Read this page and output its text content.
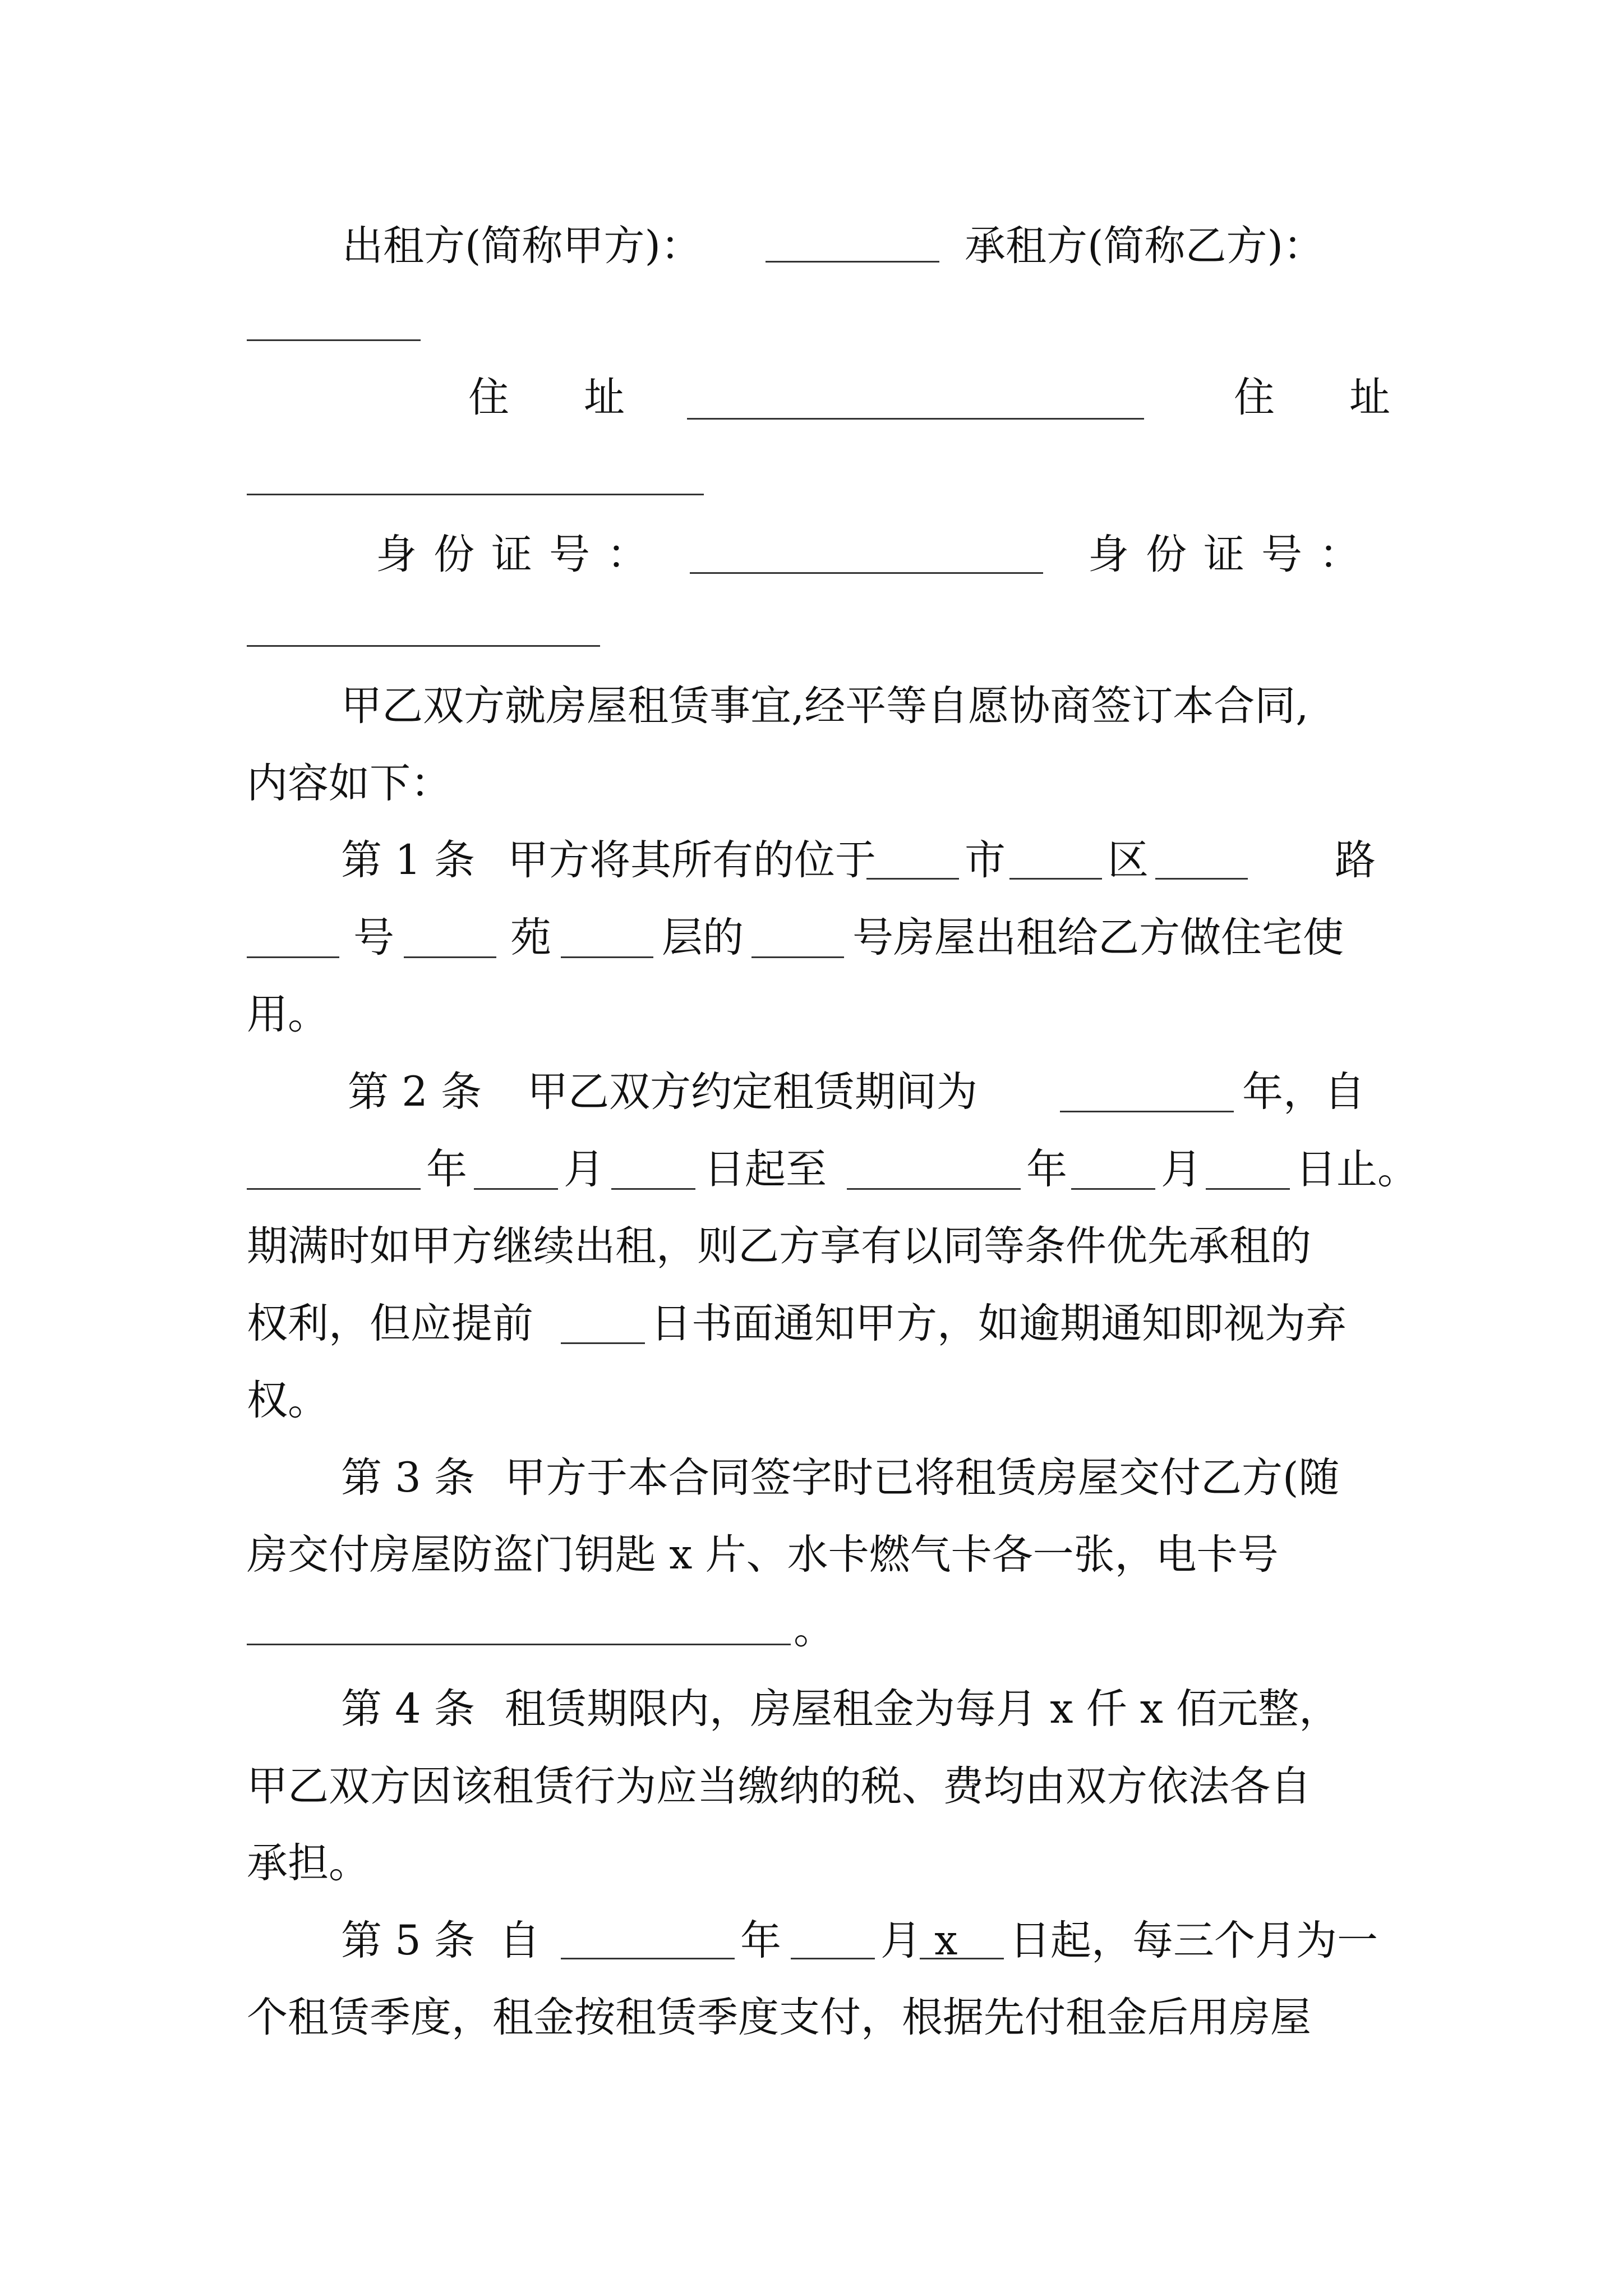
出租方(简称甲方)：	承租方(简称乙方)：
住　址	住　址
身份证号：	身份证号：
甲乙双方就房屋租赁事宜,经平等自愿协商签订本合同,
内容如下：
第 1 条 甲方将其所有的位于 市 区	路
号	苑	层的	号房屋出租给乙方做住宅使
用。
第 2 条 甲乙双方约定租赁期间为	年，自
年 月 日起至	年 月 日止。
期满时如甲方继续出租，则乙方享有以同等条件优先承租的
权利，但应提前	日书面通知甲方，如逾期通知即视为弃
权。
第 3 条 甲方于本合同签字时已将租赁房屋交付乙方(随
房交付房屋防盗门钥匙 x 片、水卡燃气卡各一张，电卡号
。
第 4 条 租赁期限内，房屋租金为每月 x 仟 x 佰元整，
甲乙双方因该租赁行为应当缴纳的税、费均由双方依法各自
承担。
第 5 条 自	年 月 x 日起，每三个月为一
个租赁季度，租金按租赁季度支付，根据先付租金后用房屋
